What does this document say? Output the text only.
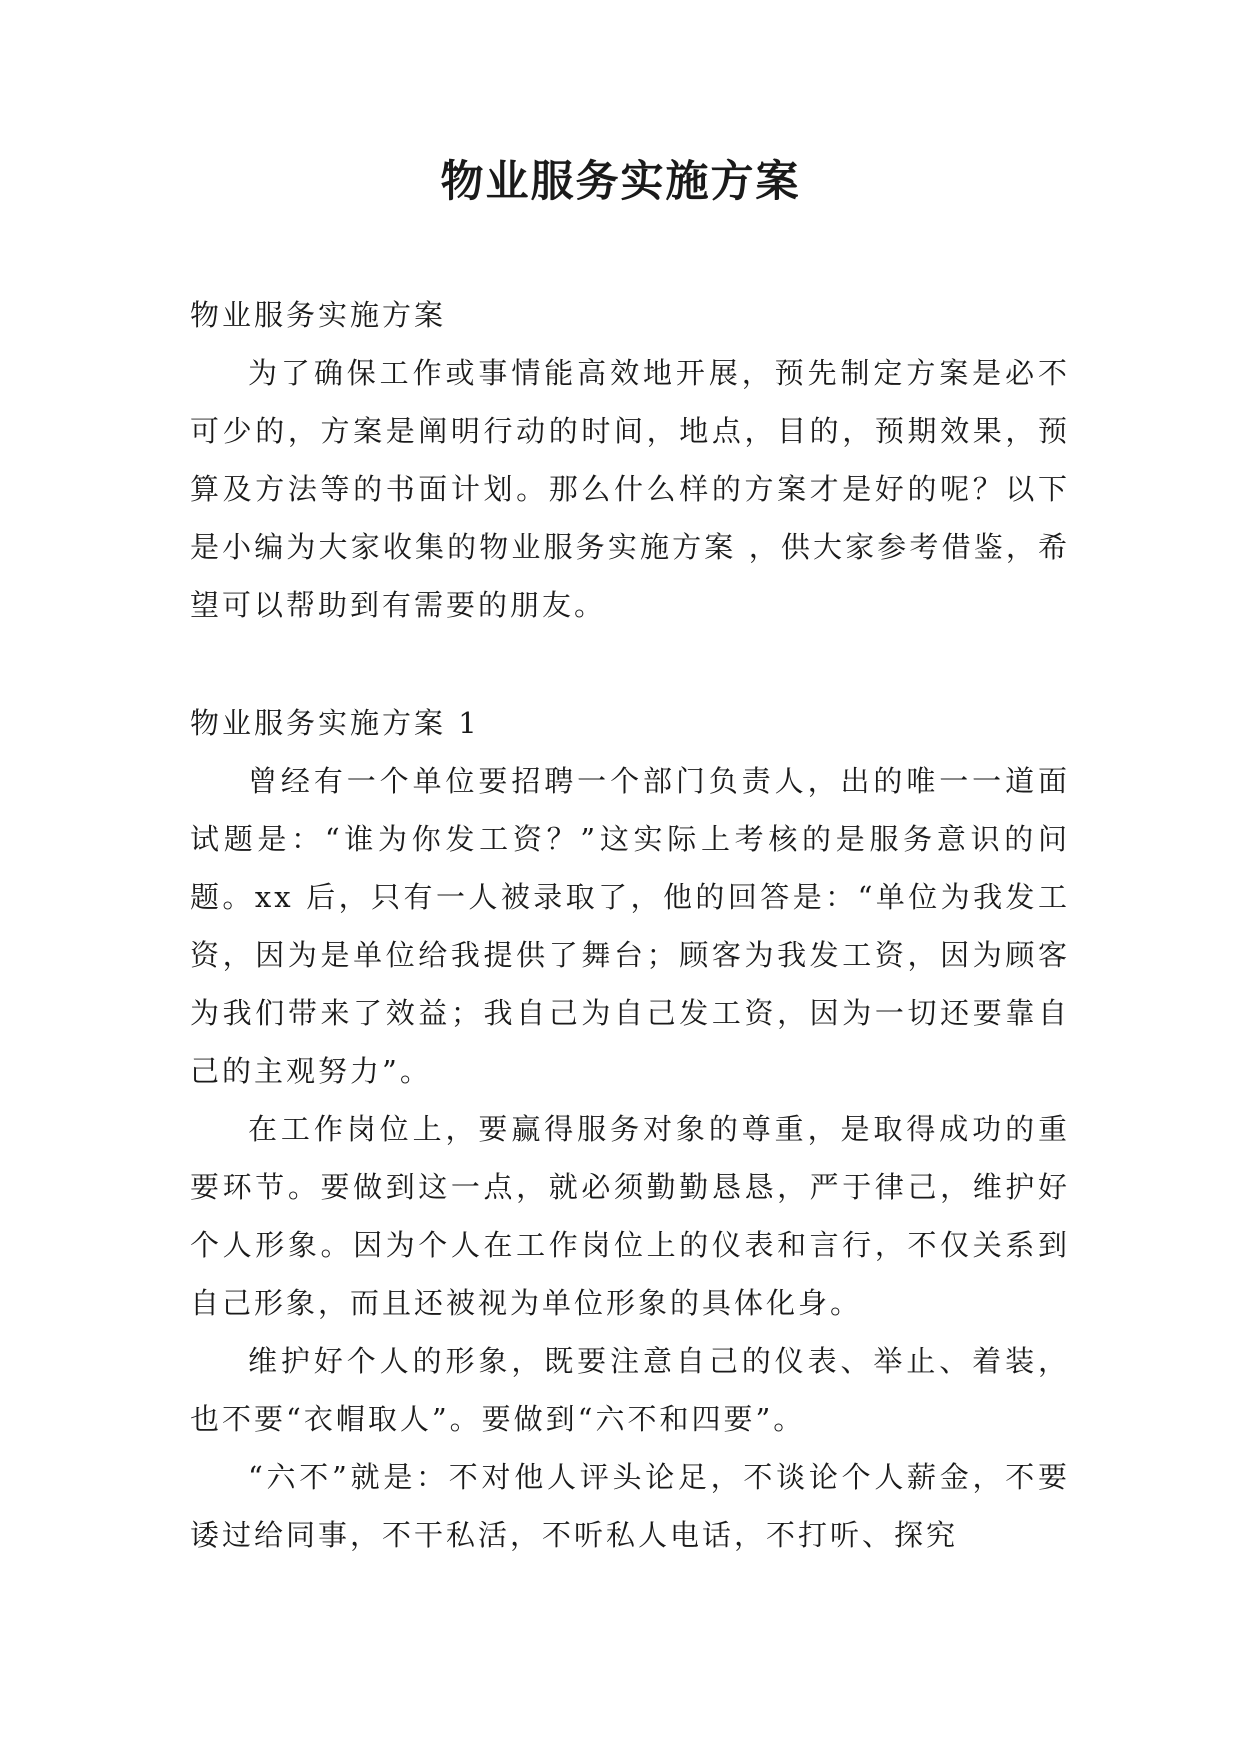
物业服务实施方案

物业服务实施方案

为了确保工作或事情能高效地开展，预先制定方案是必不可少的，方案是阐明行动的时间，地点，目的，预期效果，预算及方法等的书面计划。那么什么样的方案才是好的呢？以下是小编为大家收集的物业服务实施方案 ，供大家参考借鉴，希望可以帮助到有需要的朋友。

物业服务实施方案 1

曾经有一个单位要招聘一个部门负责人，出的唯一一道面试题是：“谁为你发工资？”这实际上考核的是服务意识的问题。xx 后，只有一人被录取了，他的回答是：“单位为我发工资，因为是单位给我提供了舞台；顾客为我发工资，因为顾客为我们带来了效益；我自己为自己发工资，因为一切还要靠自己的主观努力”。

在工作岗位上，要赢得服务对象的尊重，是取得成功的重要环节。要做到这一点，就必须勤勤恳恳，严于律己，维护好个人形象。因为个人在工作岗位上的仪表和言行，不仅关系到自己形象，而且还被视为单位形象的具体化身。

维护好个人的形象，既要注意自己的仪表、举止、着装，也不要“衣帽取人”。要做到“六不和四要”。

“六不”就是：不对他人评头论足，不谈论个人薪金，不要诿过给同事，不干私活，不听私人电话，不打听、探究
